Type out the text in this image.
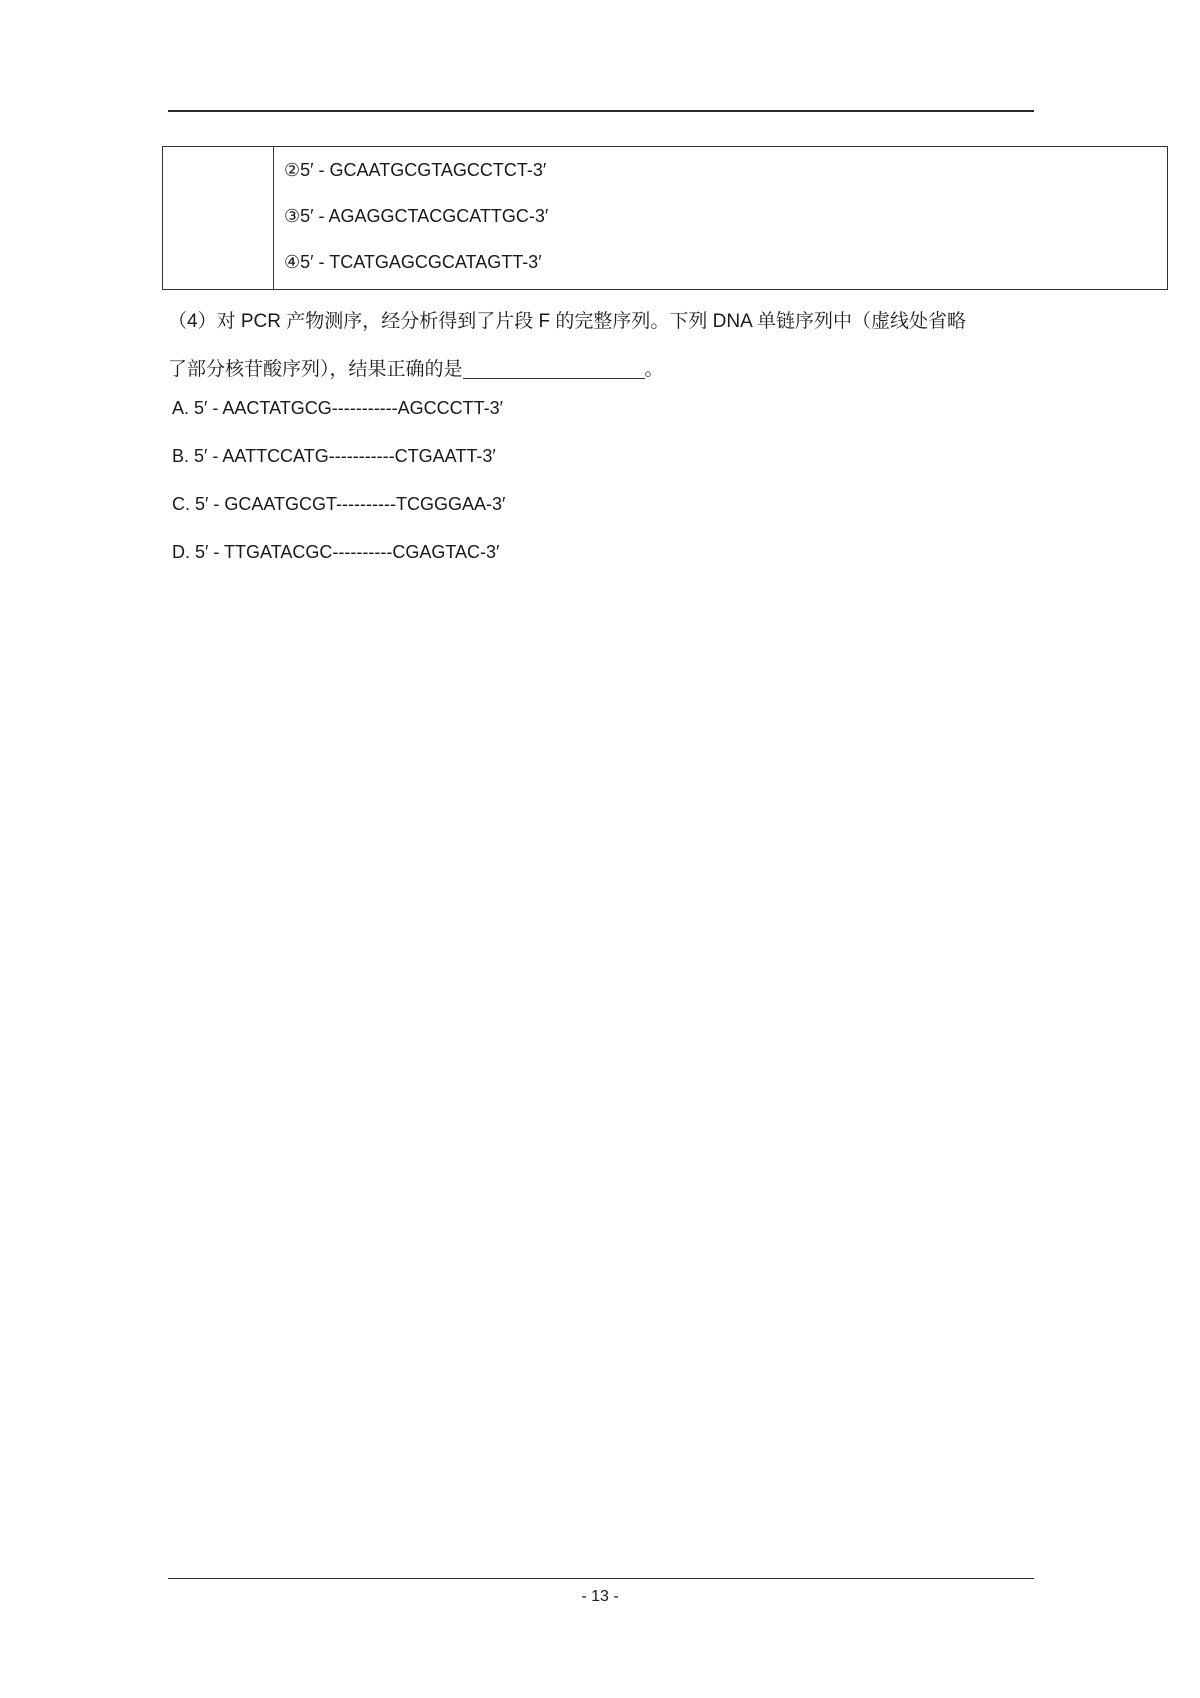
②5′ - GCAATGCGTAGCCTCT-3′
③5′ - AGAGGCTACGCATTGC-3′
④5′ - TCATGAGCGCATAGTT-3′
（4）对 PCR 产物测序，经分析得到了片段 F 的完整序列。下列 DNA 单链序列中（虚线处省略
了部分核苷酸序列），结果正确的是	。
A. 5′ - AACTATGCG-----------AGCCCTT-3′
B. 5′ - AATTCCATG-----------CTGAATT-3′
C. 5′ - GCAATGCGT----------TCGGGAA-3′
D. 5′ - TTGATACGC----------CGAGTAC-3′
- 13 -
